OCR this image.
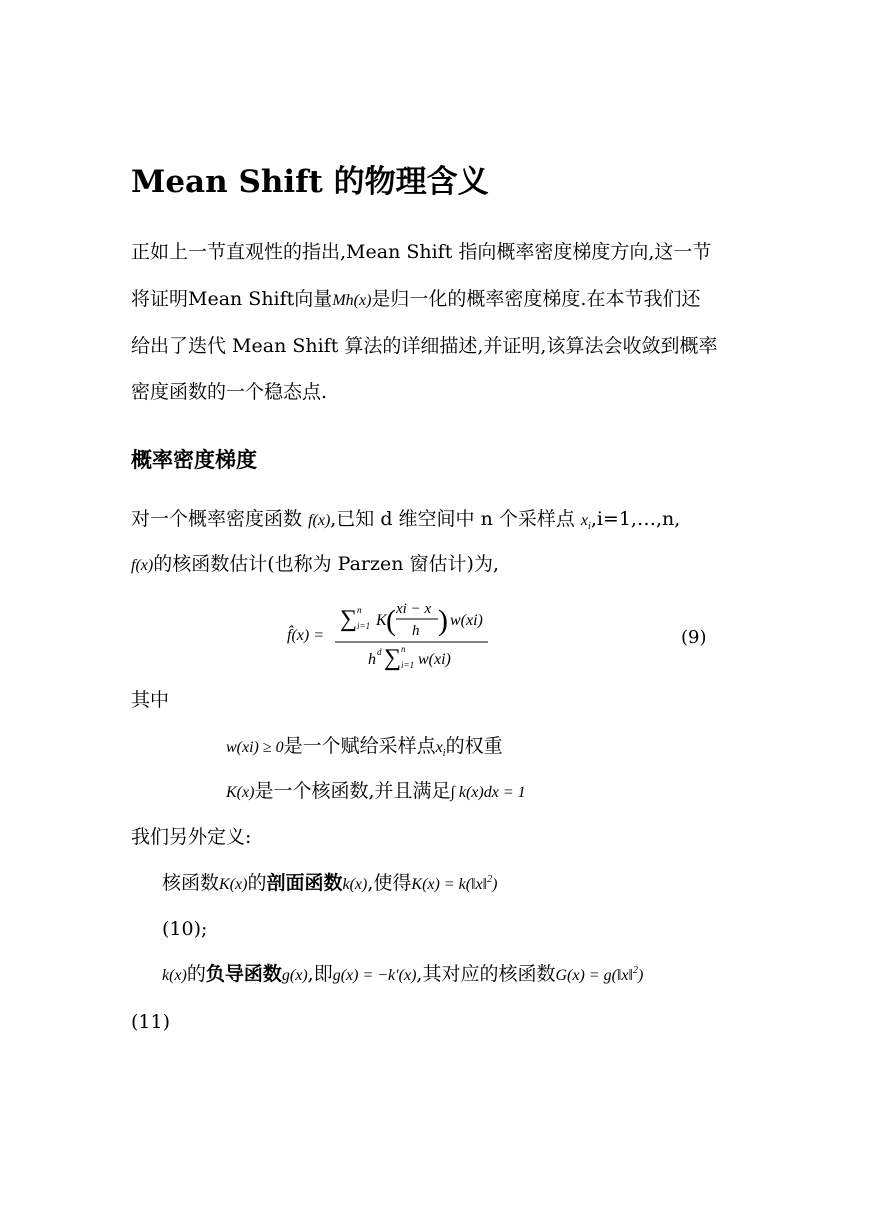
Mean Shift 的物理含义
正如上一节直观性的指出,Mean Shift 指向概率密度梯度方向,这一节
将证明Mean Shift向量Mh(x)是归一化的概率密度梯度.在本节我们还
给出了迭代 Mean Shift 算法的详细描述,并证明,该算法会收敛到概率
密度函数的一个稳态点.
概率密度梯度
对一个概率密度函数 f(x),已知 d 维空间中 n 个采样点 $x_i,i=1,\dots,n$,
f(x)的核函数估计(也称为 Parzen 窗估计)为,
f̂(x) =
∑ n
i=1 K ( xi − x
h ) w(xi)
h d ∑ n
i=1 w(xi)
(9)
其中
w(xi) ≥ 0是一个赋给采样点$x_i$的权重
K(x)是一个核函数,并且满足∫ k(x)dx = 1
我们另外定义:
核函数K(x)的剖面函数k(x),使得K(x) = k(‖x‖$^2$)
(10);
k(x)的负导函数g(x),即g(x) = −k′(x),其对应的核函数G(x) = g(‖x‖$^2$)
(11)
